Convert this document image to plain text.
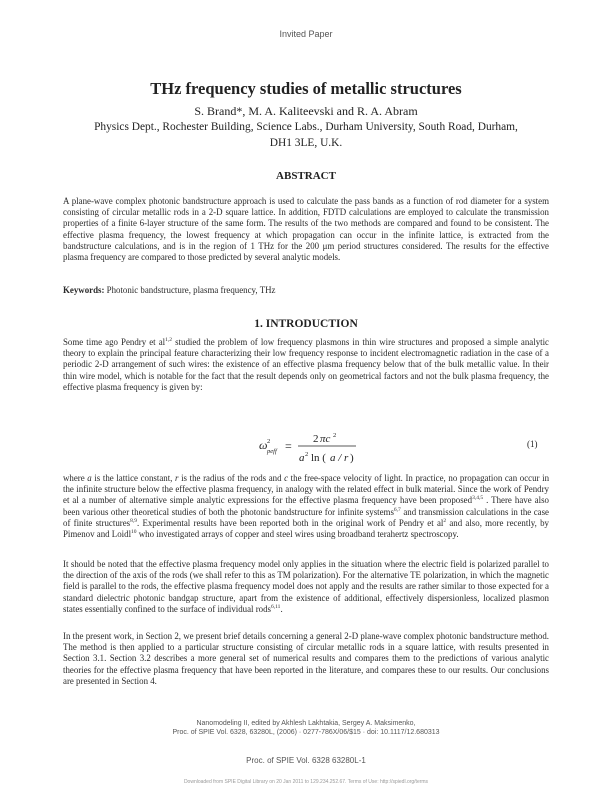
Invited Paper
THz frequency studies of metallic structures
S. Brand*, M. A. Kaliteevski and R. A. Abram
Physics Dept., Rochester Building, Science Labs., Durham University, South Road, Durham,
DH1 3LE, U.K.
ABSTRACT
A plane-wave complex photonic bandstructure approach is used to calculate the pass bands as a function of rod diameter for a system consisting of circular metallic rods in a 2-D square lattice. In addition, FDTD calculations are employed to calculate the transmission properties of a finite 6-layer structure of the same form. The results of the two methods are compared and found to be consistent. The effective plasma frequency, the lowest frequency at which propagation can occur in the infinite lattice, is extracted from the bandstructure calculations, and is in the region of 1 THz for the 200 μm period structures considered. The results for the effective plasma frequency are compared to those predicted by several analytic models.
Keywords: Photonic bandstructure, plasma frequency, THz
1. INTRODUCTION
Some time ago Pendry et al$^{1,2}$ studied the problem of low frequency plasmons in thin wire structures and proposed a simple analytic theory to explain the principal feature characterizing their low frequency response to incident electromagnetic radiation in the case of a periodic 2-D arrangement of such wires: the existence of an effective plasma frequency below that of the bulk metallic value. In their thin wire model, which is notable for the fact that the result depends only on geometrical factors and not the bulk plasma frequency, the effective plasma frequency is given by:
ω 2
peff = 2 πc 2
a 2 ln ( a / r )
(1)
where a is the lattice constant, r is the radius of the rods and c the free-space velocity of light. In practice, no propagation can occur in the infinite structure below the effective plasma frequency, in analogy with the related effect in bulk material. Since the work of Pendry et al a number of alternative simple analytic expressions for the effective plasma frequency have been proposed$^{3,4,5}$ . There have also been various other theoretical studies of both the photonic bandstructure for infinite systems$^{6,7}$ and transmission calculations in the case of finite structures$^{8,9}$. Experimental results have been reported both in the original work of Pendry et $al^2$ and also, more recently, by Pimenov and Loidl$^{10}$ who investigated arrays of copper and steel wires using broadband terahertz spectroscopy.
It should be noted that the effective plasma frequency model only applies in the situation where the electric field is polarized parallel to the direction of the axis of the rods (we shall refer to this as TM polarization). For the alternative TE polarization, in which the magnetic field is parallel to the rods, the effective plasma frequency model does not apply and the results are rather similar to those expected for a standard dielectric photonic bandgap structure, apart from the existence of additional, effectively dispersionless, localized plasmon states essentially confined to the surface of individual rods$^{6,11}$.
In the present work, in Section 2, we present brief details concerning a general 2-D plane-wave complex photonic bandstructure method. The method is then applied to a particular structure consisting of circular metallic rods in a square lattice, with results presented in Section 3.1. Section 3.2 describes a more general set of numerical results and compares them to the predictions of various analytic theories for the effective plasma frequency that have been reported in the literature, and compares these to our results. Our conclusions are presented in Section 4.
Nanomodeling II, edited by Akhlesh Lakhtakia, Sergey A. Maksimenko,
Proc. of SPIE Vol. 6328, 63280L, (2006) · 0277-786X/06/$15 · doi: 10.1117/12.680313
Proc. of SPIE Vol. 6328 63280L-1
Downloaded from SPIE Digital Library on 20 Jan 2011 to 129.234.252.67. Terms of Use: http://spiedl.org/terms
